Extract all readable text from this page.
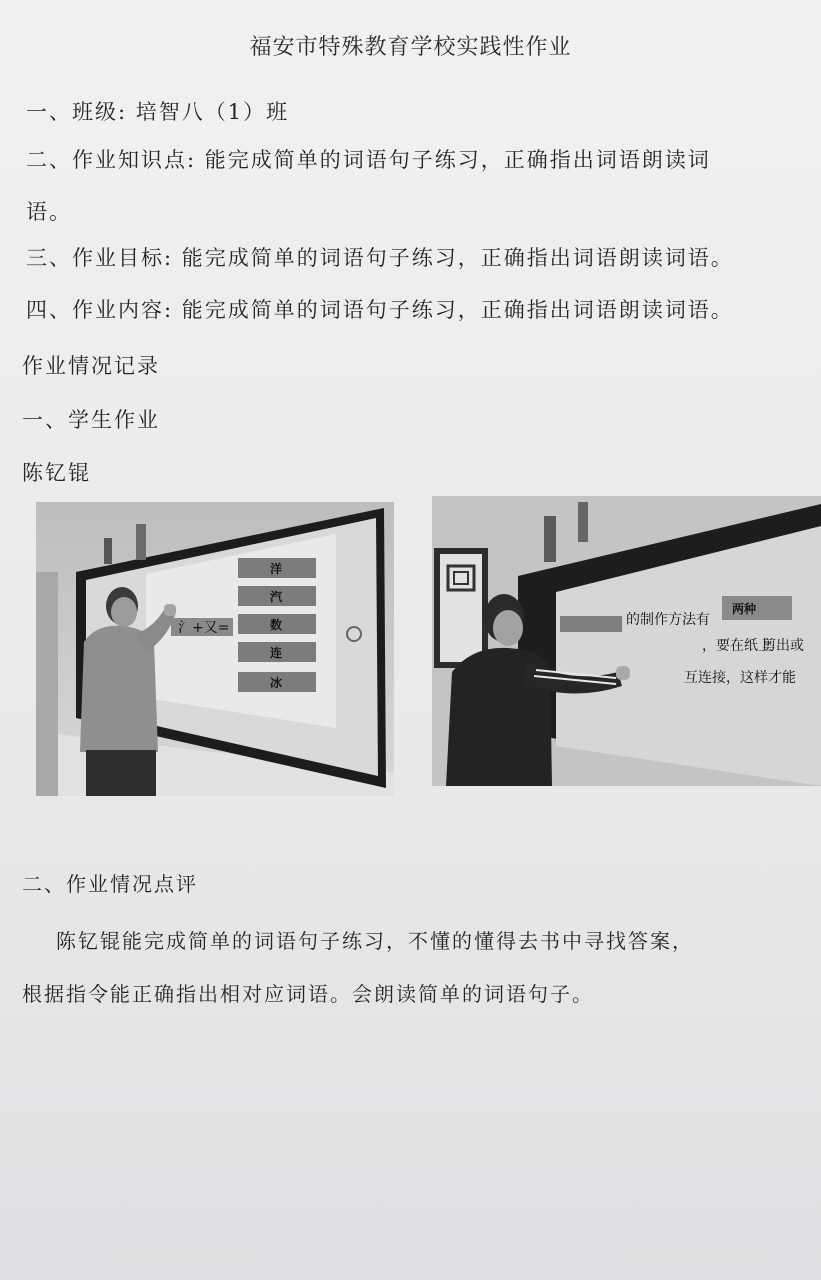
福安市特殊教育学校实践性作业
一、班级: 培智八（1）班
二、作业知识点: 能完成简单的词语句子练习，正确指出词语朗读词
语。
三、作业目标: 能完成简单的词语句子练习，正确指出词语朗读词语。
四、作业内容: 能完成简单的词语句子练习，正确指出词语朗读词语。
作业情况记录
一、学生作业
陈钇锟
氵+又=
洋
汽
数
连
冰
的制作方法有
两种
，要在纸上
剪出或
互连接，这样才能
二、作业情况点评
陈钇锟能完成简单的词语句子练习，不懂的懂得去书中寻找答案，
根据指令能正确指出相对应词语。会朗读简单的词语句子。
